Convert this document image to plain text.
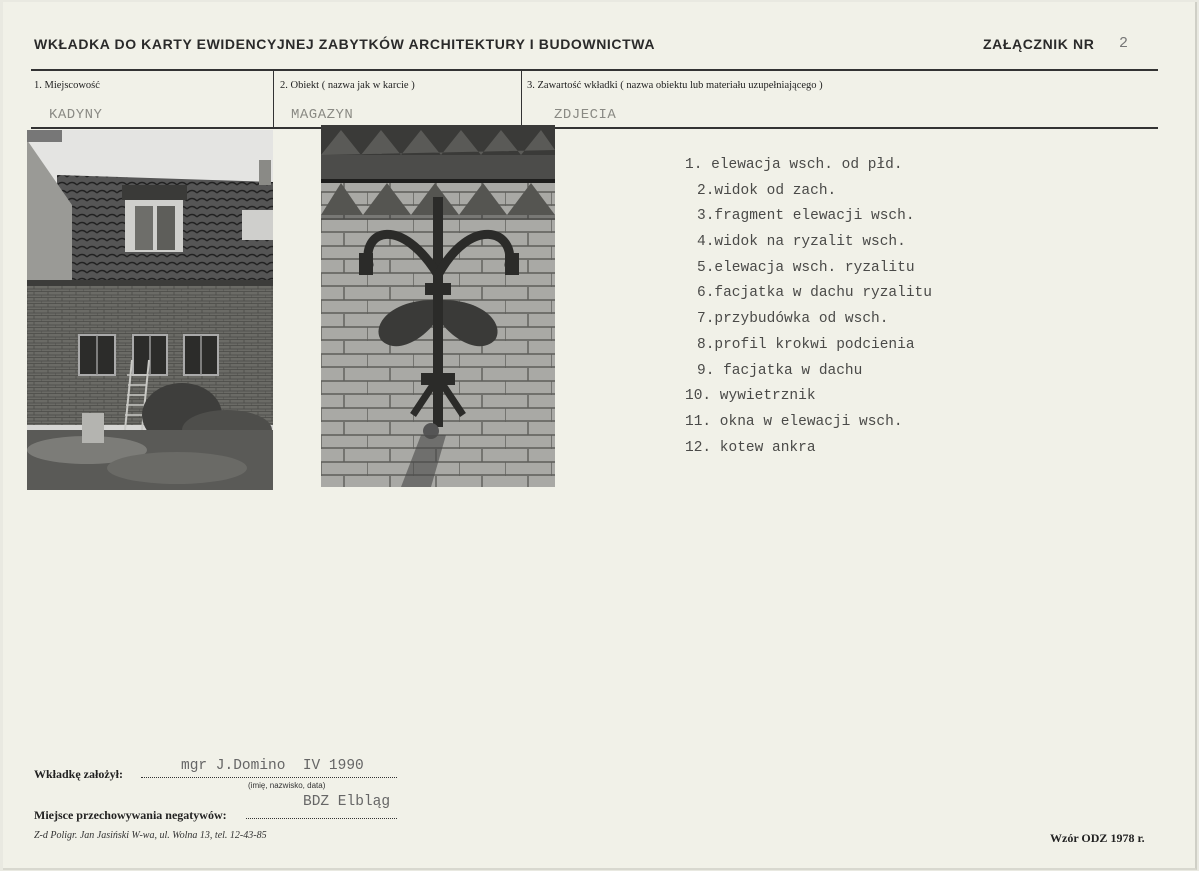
WKŁADKA DO KARTY EWIDENCYJNEJ ZABYTKÓW ARCHITEKTURY I BUDOWNICTWA	ZAŁĄCZNIK NR 2
1. Miejscowość
KADYNY
2. Obiekt ( nazwa jak w karcie )
MAGAZYN
3. Zawartość wkładki ( nazwa obiektu lub materiału uzupełniającego )
ZDJECIA
1. elewacja wsch. od płd.
2.widok od zach.
3.fragment elewacji wsch.
4.widok na ryzalit wsch.
5.elewacja wsch. ryzalitu
6.facjatka w dachu ryzalitu
7.przybudówka od wsch.
8.profil krokwi podcienia
9. facjatka w dachu
10. wywietrznik
11. okna w elewacji wsch.
12. kotew ankra
Wkładkę założył:	mgr J.Domino  IV 1990
(imię, nazwisko, data)
Miejsce przechowywania negatywów:
BDZ Elbląg
Z-d Poligr. Jan Jasiński W-wa, ul. Wolna 13, tel. 12-43-85	Wzór ODZ 1978 r.
